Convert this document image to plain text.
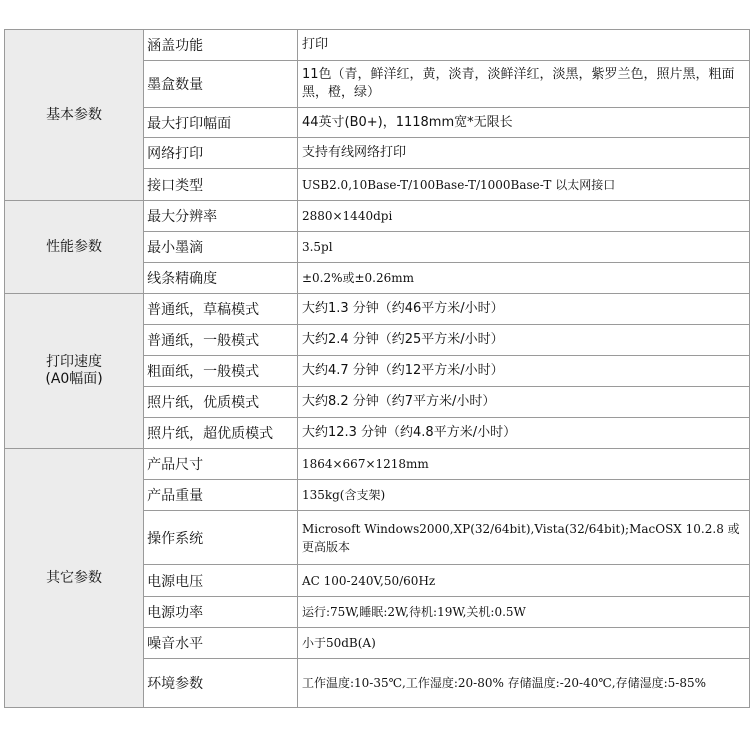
基本参数	涵盖功能	打印
	墨盒数量	11色（青，鲜洋红，黄，淡青，淡鲜洋红，淡黑，紫罗兰色，照片黑，粗面黑，橙，绿）
	最大打印幅面	44英寸(B0+)，1118mm宽*无限长
	网络打印	支持有线网络打印
	接口类型	USB2.0,10Base-T/100Base-T/1000Base-T 以太网接口

性能参数	最大分辨率	2880×1440dpi
	最小墨滴	3.5pl
	线条精确度	±0.2%或±0.26mm

打印速度
(A0幅面)	普通纸，草稿模式	大约1.3 分钟（约46平方米/小时）
	普通纸，一般模式	大约2.4 分钟（约25平方米/小时）
	粗面纸，一般模式	大约4.7 分钟（约12平方米/小时）
	照片纸，优质模式	大约8.2 分钟（约7平方米/小时）
	照片纸，超优质模式	大约12.3 分钟（约4.8平方米/小时）

其它参数	产品尺寸	1864×667×1218mm
	产品重量	135kg(含支架)
	操作系统	Microsoft Windows2000,XP(32/64bit),Vista(32/64bit);MacOSX 10.2.8 或更高版本
	电源电压	AC 100-240V,50/60Hz
	电源功率	运行:75W,睡眠:2W,待机:19W,关机:0.5W
	噪音水平	小于50dB(A)
	环境参数	工作温度:10-35℃,工作湿度:20-80% 存储温度:-20-40℃,存储湿度:5-85%
